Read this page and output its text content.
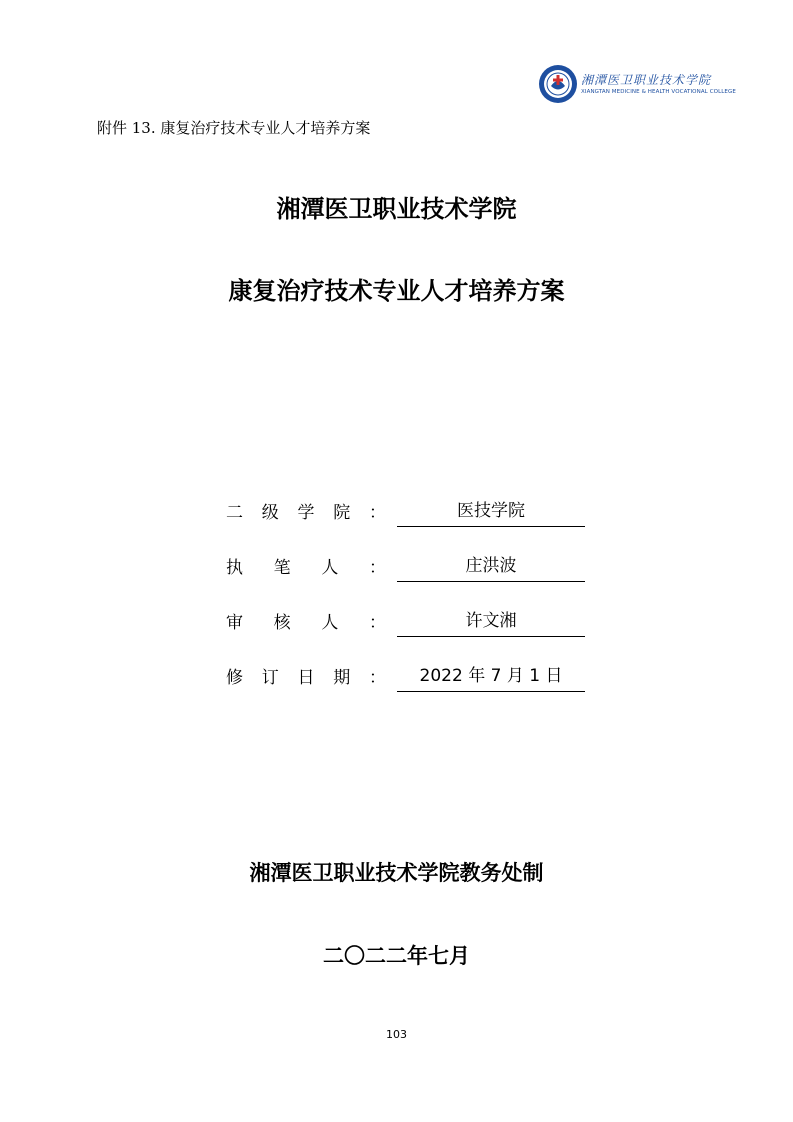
湘潭医卫职业技术学院
XIANGTAN MEDICINE & HEALTH VOCATIONAL COLLEGE
附件 13. 康复治疗技术专业人才培养方案
湘潭医卫职业技术学院
康复治疗技术专业人才培养方案
二 级 学 院 ：	医技学院
执 笔 人 ：	庄洪波
审 核 人 ：	许文湘
修 订 日 期 ：	2022 年 7 月 1 日
湘潭医卫职业技术学院教务处制
二〇二二年七月
103
